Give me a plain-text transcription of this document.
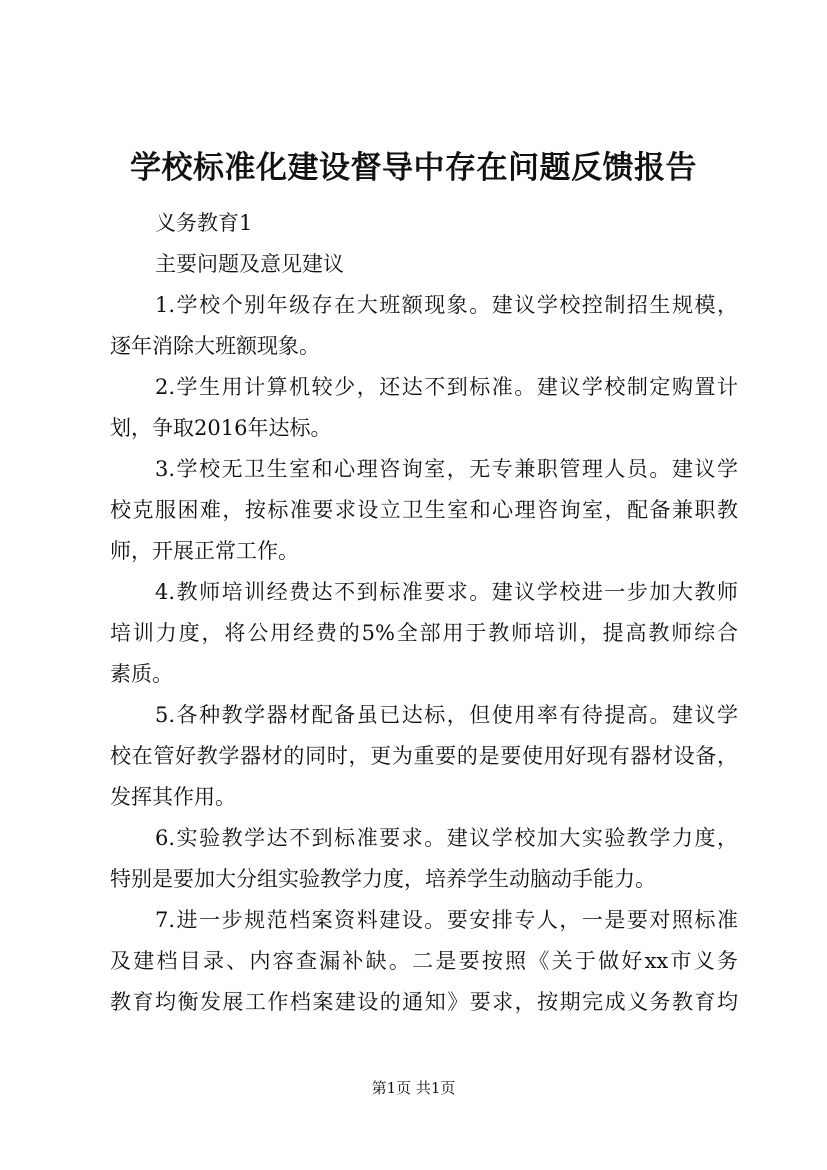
学校标准化建设督导中存在问题反馈报告
义务教育1
主要问题及意见建议
1.学校个别年级存在大班额现象。建议学校控制招生规模，
逐年消除大班额现象。
2.学生用计算机较少，还达不到标准。建议学校制定购置计
划，争取2016年达标。
3.学校无卫生室和心理咨询室，无专兼职管理人员。建议学
校克服困难，按标准要求设立卫生室和心理咨询室，配备兼职教
师，开展正常工作。
4.教师培训经费达不到标准要求。建议学校进一步加大教师
培训力度，将公用经费的5%全部用于教师培训，提高教师综合
素质。
5.各种教学器材配备虽已达标，但使用率有待提高。建议学
校在管好教学器材的同时，更为重要的是要使用好现有器材设备，
发挥其作用。
6.实验教学达不到标准要求。建议学校加大实验教学力度，
特别是要加大分组实验教学力度，培养学生动脑动手能力。
7.进一步规范档案资料建设。要安排专人，一是要对照标准
及建档目录、内容查漏补缺。二是要按照《关于做好xx市义务
教育均衡发展工作档案建设的通知》要求，按期完成义务教育均
第1页 共1页
